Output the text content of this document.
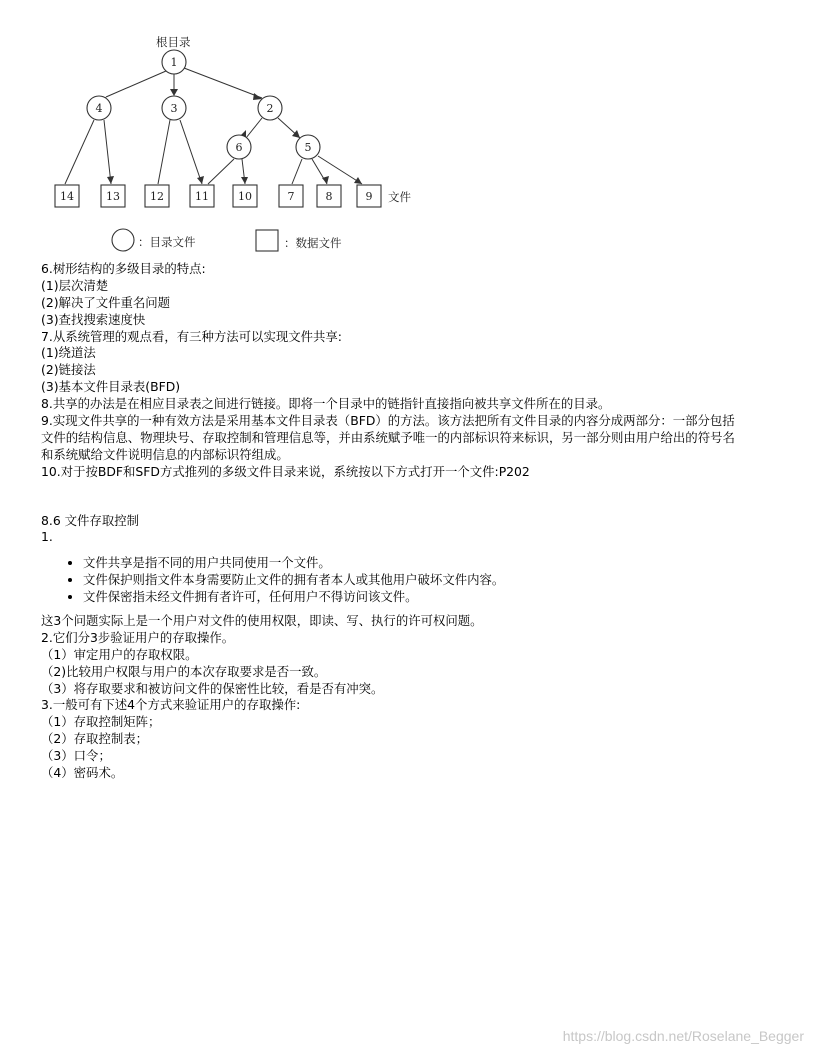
根目录
1
4	3	2
6	5
14	13	12	11	10	7	8	9 文件
：目录文件	：数据文件
6.树形结构的多级目录的特点:
(1)层次清楚
(2)解决了文件重名问题
(3)查找搜索速度快
7.从系统管理的观点看，有三种方法可以实现文件共享:
(1)绕道法
(2)链接法
(3)基本文件目录表(BFD)
8.共享的办法是在相应目录表之间进行链接。即将一个目录中的链指针直接指向被共享文件所在的目录。
9.实现文件共享的一种有效方法是采用基本文件目录表（BFD）的方法。该方法把所有文件目录的内容分成两部分：一部分包括
文件的结构信息、物理块号、存取控制和管理信息等，并由系统赋予唯一的内部标识符来标识，另一部分则由用户给出的符号名
和系统赋给文件说明信息的内部标识符组成。
10.对于按BDF和SFD方式推列的多级文件目录来说，系统按以下方式打开一个文件:P202
8.6 文件存取控制
1.
• 文件共享是指不同的用户共同使用一个文件。
• 文件保护则指文件本身需要防止文件的拥有者本人或其他用户破坏文件内容。
• 文件保密指未经文件拥有者许可，任何用户不得访问该文件。
这3个问题实际上是一个用户对文件的使用权限，即读、写、执行的许可权问题。
2.它们分3步验证用户的存取操作。
（1）审定用户的存取权限。
（2)比较用户权限与用户的本次存取要求是否一致。
（3）将存取要求和被访问文件的保密性比较，看是否有冲突。
3.一般可有下述4个方式来验证用户的存取操作:
（1）存取控制矩阵；
（2）存取控制表；
（3）口令；
（4）密码术。
https://blog.csdn.net/Roselane_Begger
